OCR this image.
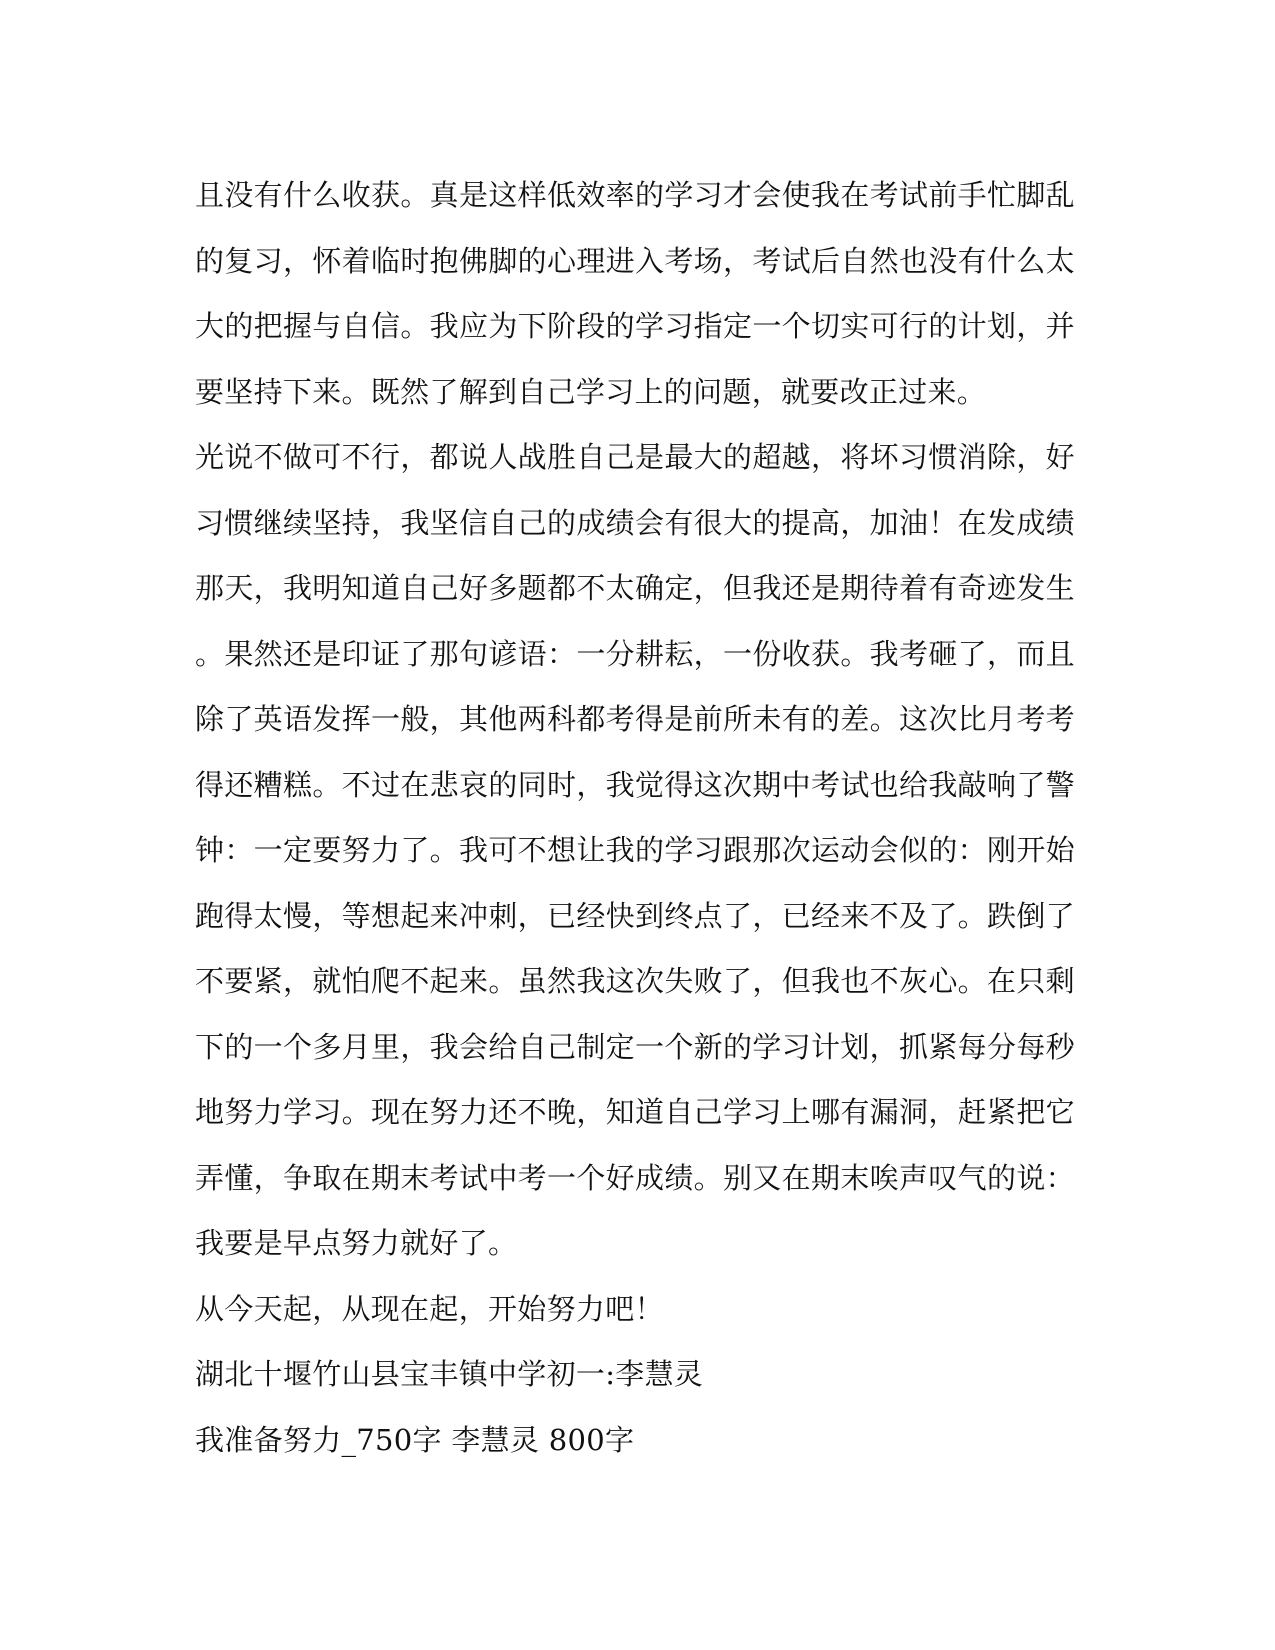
且没有什么收获。真是这样低效率的学习才会使我在考试前手忙脚乱
的复习，怀着临时抱佛脚的心理进入考场，考试后自然也没有什么太
大的把握与自信。我应为下阶段的学习指定一个切实可行的计划，并
要坚持下来。既然了解到自己学习上的问题，就要改正过来。
光说不做可不行，都说人战胜自己是最大的超越，将坏习惯消除，好
习惯继续坚持，我坚信自己的成绩会有很大的提高，加油！在发成绩
那天，我明知道自己好多题都不太确定，但我还是期待着有奇迹发生
。果然还是印证了那句谚语：一分耕耘，一份收获。我考砸了，而且
除了英语发挥一般，其他两科都考得是前所未有的差。这次比月考考
得还糟糕。不过在悲哀的同时，我觉得这次期中考试也给我敲响了警
钟：一定要努力了。我可不想让我的学习跟那次运动会似的：刚开始
跑得太慢，等想起来冲刺，已经快到终点了，已经来不及了。跌倒了
不要紧，就怕爬不起来。虽然我这次失败了，但我也不灰心。在只剩
下的一个多月里，我会给自己制定一个新的学习计划，抓紧每分每秒
地努力学习。现在努力还不晚，知道自己学习上哪有漏洞，赶紧把它
弄懂，争取在期末考试中考一个好成绩。别又在期末唉声叹气的说：
我要是早点努力就好了。
从今天起，从现在起，开始努力吧！
湖北十堰竹山县宝丰镇中学初一:李慧灵
我准备努力_750字 李慧灵 800字
